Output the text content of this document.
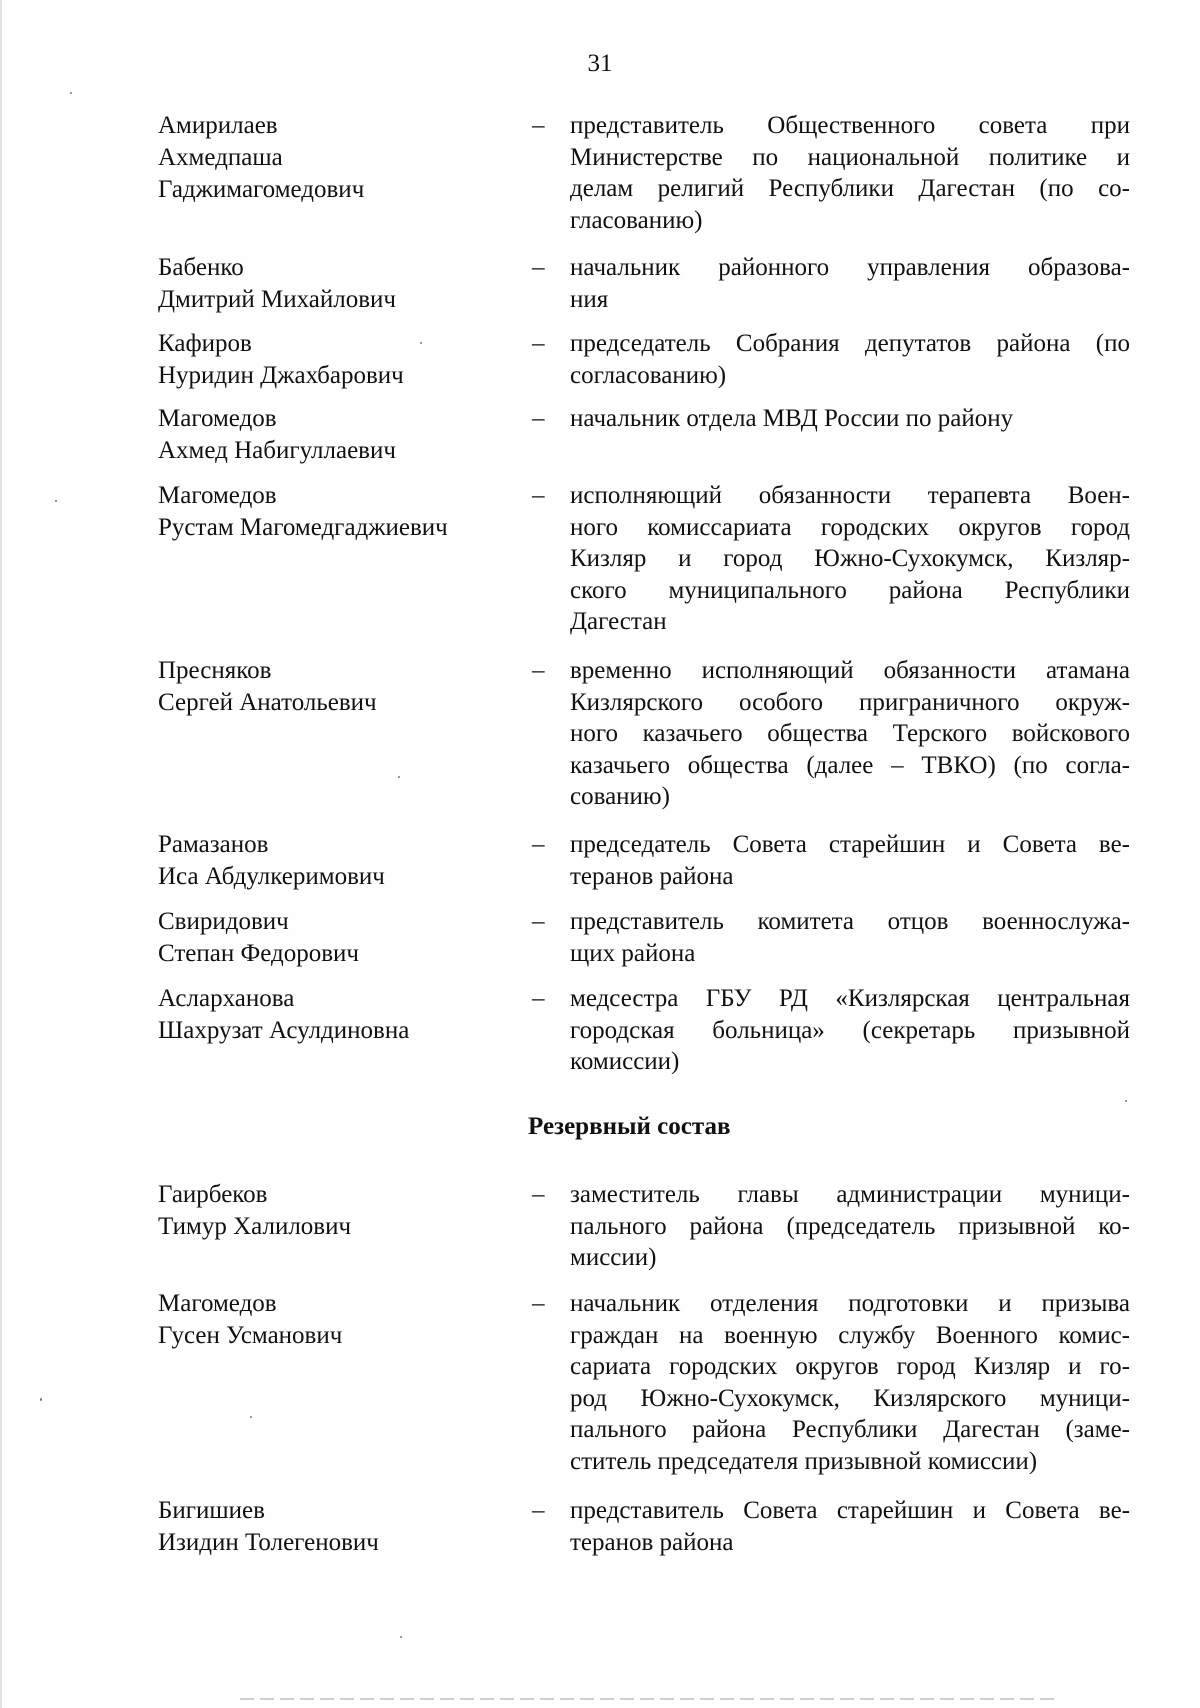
31
Амирилаев
Ахмедпаша
Гаджимагомедович
– представитель Общественного совета при
Министерстве по национальной политике и
делам религий Республики Дагестан (по со-
гласованию)
Бабенко
Дмитрий Михайлович
– начальник районного управления образова-
ния
Кафиров
Нуридин Джахбарович
– председатель Собрания депутатов района (по
согласованию)
Магомедов
Ахмед Набигуллаевич
– начальник отдела МВД России по району
Магомедов
Рустам Магомедгаджиевич
– исполняющий обязанности терапевта Воен-
ного комиссариата городских округов город
Кизляр и город Южно-Сухокумск, Кизляр-
ского муниципального района Республики
Дагестан
Пресняков
Сергей Анатольевич
– временно исполняющий обязанности атамана
Кизлярского особого приграничного окруж-
ного казачьего общества Терского войскового
казачьего общества (далее – ТВКО) (по согла-
сованию)
Рамазанов
Иса Абдулкеримович
– председатель Совета старейшин и Совета ве-
теранов района
Свиридович
Степан Федорович
– представитель комитета отцов военнослужа-
щих района
Асларханова
Шахрузат Асулдиновна
– медсестра ГБУ РД «Кизлярская центральная
городская больница» (секретарь призывной
комиссии)
Резервный состав
Гаирбеков
Тимур Халилович
– заместитель главы администрации муници-
пального района (председатель призывной ко-
миссии)
Магомедов
Гусен Усманович
– начальник отделения подготовки и призыва
граждан на военную службу Военного комис-
сариата городских округов город Кизляр и го-
род Южно-Сухокумск, Кизлярского муници-
пального района Республики Дагестан (заме-
ститель председателя призывной комиссии)
Бигишиев
Изидин Толегенович
– представитель Совета старейшин и Совета ве-
теранов района
